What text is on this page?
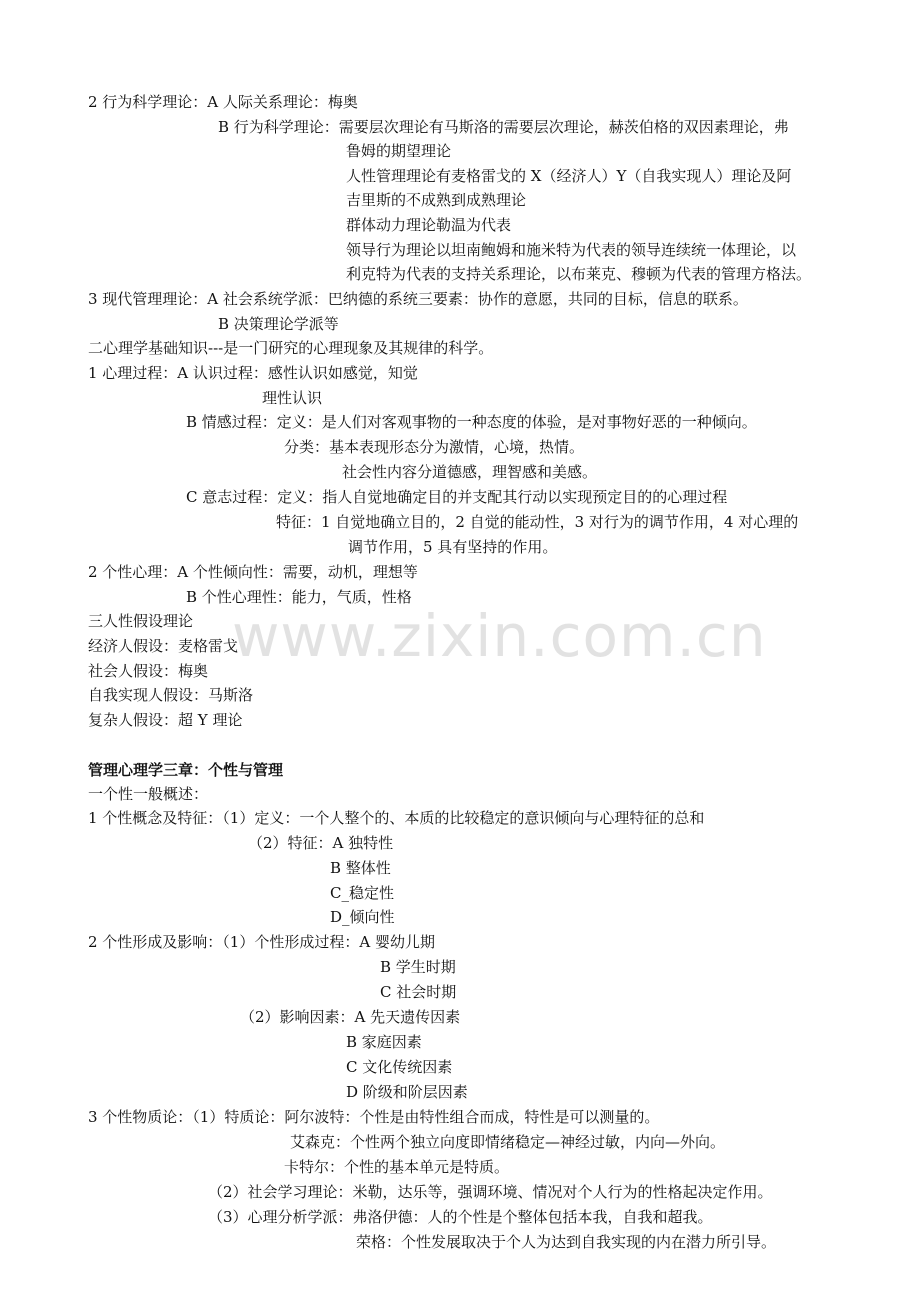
www.zixin.com.cn
2 行为科学理论：A 人际关系理论：梅奥
B 行为科学理论：需要层次理论有马斯洛的需要层次理论，赫茨伯格的双因素理论，弗
鲁姆的期望理论
人性管理理论有麦格雷戈的 X（经济人）Y（自我实现人）理论及阿
吉里斯的不成熟到成熟理论
群体动力理论勒温为代表
领导行为理论以坦南鲍姆和施米特为代表的领导连续统一体理论，以
利克特为代表的支持关系理论，以布莱克、穆顿为代表的管理方格法。
3 现代管理理论：A 社会系统学派：巴纳德的系统三要素：协作的意愿，共同的目标，信息的联系。
B 决策理论学派等
二心理学基础知识---是一门研究的心理现象及其规律的科学。
1 心理过程：A 认识过程：感性认识如感觉，知觉
理性认识
B 情感过程：定义：是人们对客观事物的一种态度的体验，是对事物好恶的一种倾向。
分类：基本表现形态分为激情，心境，热情。
社会性内容分道德感，理智感和美感。
C 意志过程：定义：指人自觉地确定目的并支配其行动以实现预定目的的心理过程
特征：1 自觉地确立目的，2 自觉的能动性，3 对行为的调节作用，4 对心理的
调节作用，5 具有坚持的作用。
2 个性心理：A 个性倾向性：需要，动机，理想等
B 个性心理性：能力，气质，性格
三人性假设理论
经济人假设：麦格雷戈
社会人假设：梅奥
自我实现人假设：马斯洛
复杂人假设：超 Y 理论
管理心理学三章：个性与管理
一个性一般概述：
1 个性概念及特征：（1）定义：一个人整个的、本质的比较稳定的意识倾向与心理特征的总和
（2）特征：A 独特性
B 整体性
C_稳定性
D_倾向性
2 个性形成及影响：（1）个性形成过程：A 婴幼儿期
B 学生时期
C 社会时期
（2）影响因素：A 先天遗传因素
B 家庭因素
C 文化传统因素
D 阶级和阶层因素
3 个性物质论：（1）特质论：阿尔波特：个性是由特性组合而成，特性是可以测量的。
艾森克：个性两个独立向度即情绪稳定—神经过敏，内向—外向。
卡特尔：个性的基本单元是特质。
（2）社会学习理论：米勒，达乐等，强调环境、情况对个人行为的性格起决定作用。
（3）心理分析学派：弗洛伊德：人的个性是个整体包括本我，自我和超我。
荣格：个性发展取决于个人为达到自我实现的内在潜力所引导。
